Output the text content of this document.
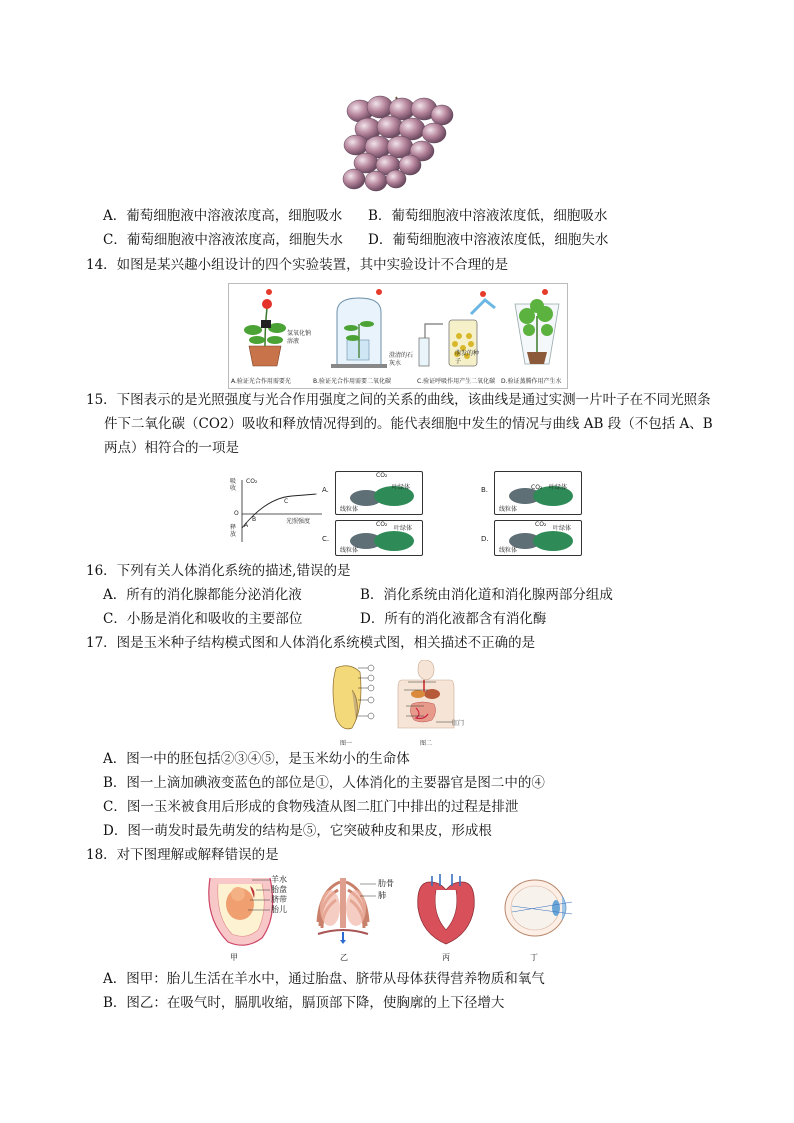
A．葡萄细胞液中溶液浓度高，细胞吸水 B．葡萄细胞液中溶液浓度低，细胞吸水
C．葡萄细胞液中溶液浓度高，细胞失水 D．葡萄细胞液中溶液浓度低，细胞失水
14．如图是某兴趣小组设计的四个实验装置，其中实验设计不合理的是
氢氧化钠溶液
澄清的石灰水
萌发的种子
A.验证光合作用需要光	B.验证光合作用需要二氧化碳	C.验证呼吸作用产生二氧化碳 D.验证蒸腾作用产生水
15．下图表示的是光照强度与光合作用强度之间的关系的曲线，该曲线是通过实测一片叶子在不同光照条
件下二氧化碳（CO2）吸收和释放情况得到的。能代表细胞中发生的情况与曲线 AB 段（不包括 A、B
两点）相符合的一项是
吸收
CO₂
O
A
B
C
光照强度
释放
A.
CO₂
叶绿体
线粒体
B.	CO₂ 叶绿体
线粒体
C.
CO₂
叶绿体
线粒体
D.
CO₂
叶绿体
线粒体
16．下列有关人体消化系统的描述,错误的是
A．所有的消化腺都能分泌消化液	B．消化系统由消化道和消化腺两部分组成
C．小肠是消化和吸收的主要部位	D．所有的消化液都含有消化酶
17．图是玉米种子结构模式图和人体消化系统模式图，相关描述不正确的是
图一	图二
肛门
A．图一中的胚包括②③④⑤，是玉米幼小的生命体
B．图一上滴加碘液变蓝色的部位是①，人体消化的主要器官是图二中的④
C．图一玉米被食用后形成的食物残渣从图二肛门中排出的过程是排泄
D．图一萌发时最先萌发的结构是⑤，它突破种皮和果皮，形成根
18．对下图理解或解释错误的是
羊水
胎盘
脐带
胎儿
肋骨
肺
甲	乙	丙	丁
A．图甲：胎儿生活在羊水中，通过胎盘、脐带从母体获得营养物质和氧气
B．图乙：在吸气时，膈肌收缩，膈顶部下降，使胸廓的上下径增大
